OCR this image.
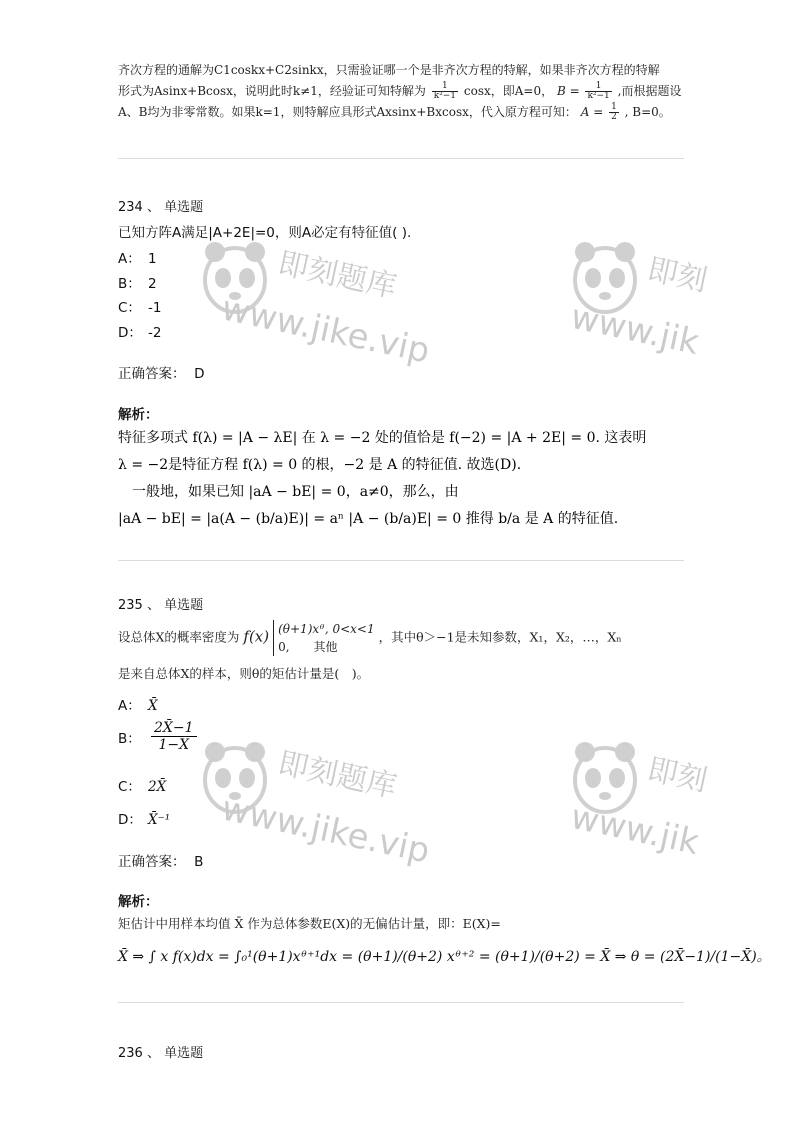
齐次方程的通解为C1coskx+C2sinkx，只需验证哪一个是非齐次方程的特解，如果非齐次方程的特解
形式为Asinx+Bcosx，说明此时k≠1，经验证可知特解为 $\frac{1}{\text{k²−1}}$ cosx，即A=0， $B = \frac{1}{\text{k²−1}}$ ,而根据题设
A、B均为非零常数。如果k=1，则特解应具形式Axsinx+Bxcosx，代入原方程可知： $A = \frac{1}{2}$ , B=0。
234 、 单选题
已知方阵A满足|A+2E|=0，则A必定有特征值( ).
A： 1
B： 2
C： -1
D： -2
正确答案： D
解析：
特征多项式 f(λ) = |A − λE| 在 λ = −2 处的值恰是 f(−2) = |A + 2E| = 0. 这表明
λ = −2是特征方程 f(λ) = 0 的根，−2 是 A 的特征值. 故选(D).
　一般地，如果已知 |aA − bE| = 0，a≠0，那么，由
|aA − bE| = |a(A − (b/a)E)| = aⁿ |A − (b/a)E| = 0 推得 b/a 是 A 的特征值.
235 、 单选题
设总体X的概率密度为 f(x) (θ+1)xᶿ, 0<x<1
0,　　其他
，其中θ＞−1是未知参数，X₁，X₂，…，Xₙ
是来自总体X的样本，则θ的矩估计量是(　)。
A： X̄
B： $\frac{2X̄-1}{1-X̄}$
C： 2X̄
D： X̄⁻¹
正确答案： B
解析：
矩估计中用样本均值 X̄ 作为总体参数E(X)的无偏估计量，即：E(X)=
X̄ ⇒ ∫ x f(x)dx = ∫₀¹(θ+1)xᶿ⁺¹dx = (θ+1)/(θ+2) xᶿ⁺² = (θ+1)/(θ+2) = X̄ ⇒ θ = (2X̄−1)/(1−X̄)。
236 、 单选题
即刻题库
www.jike.vip
即刻
www.jik
即刻题库
www.jike.vip
即刻
www.jik
